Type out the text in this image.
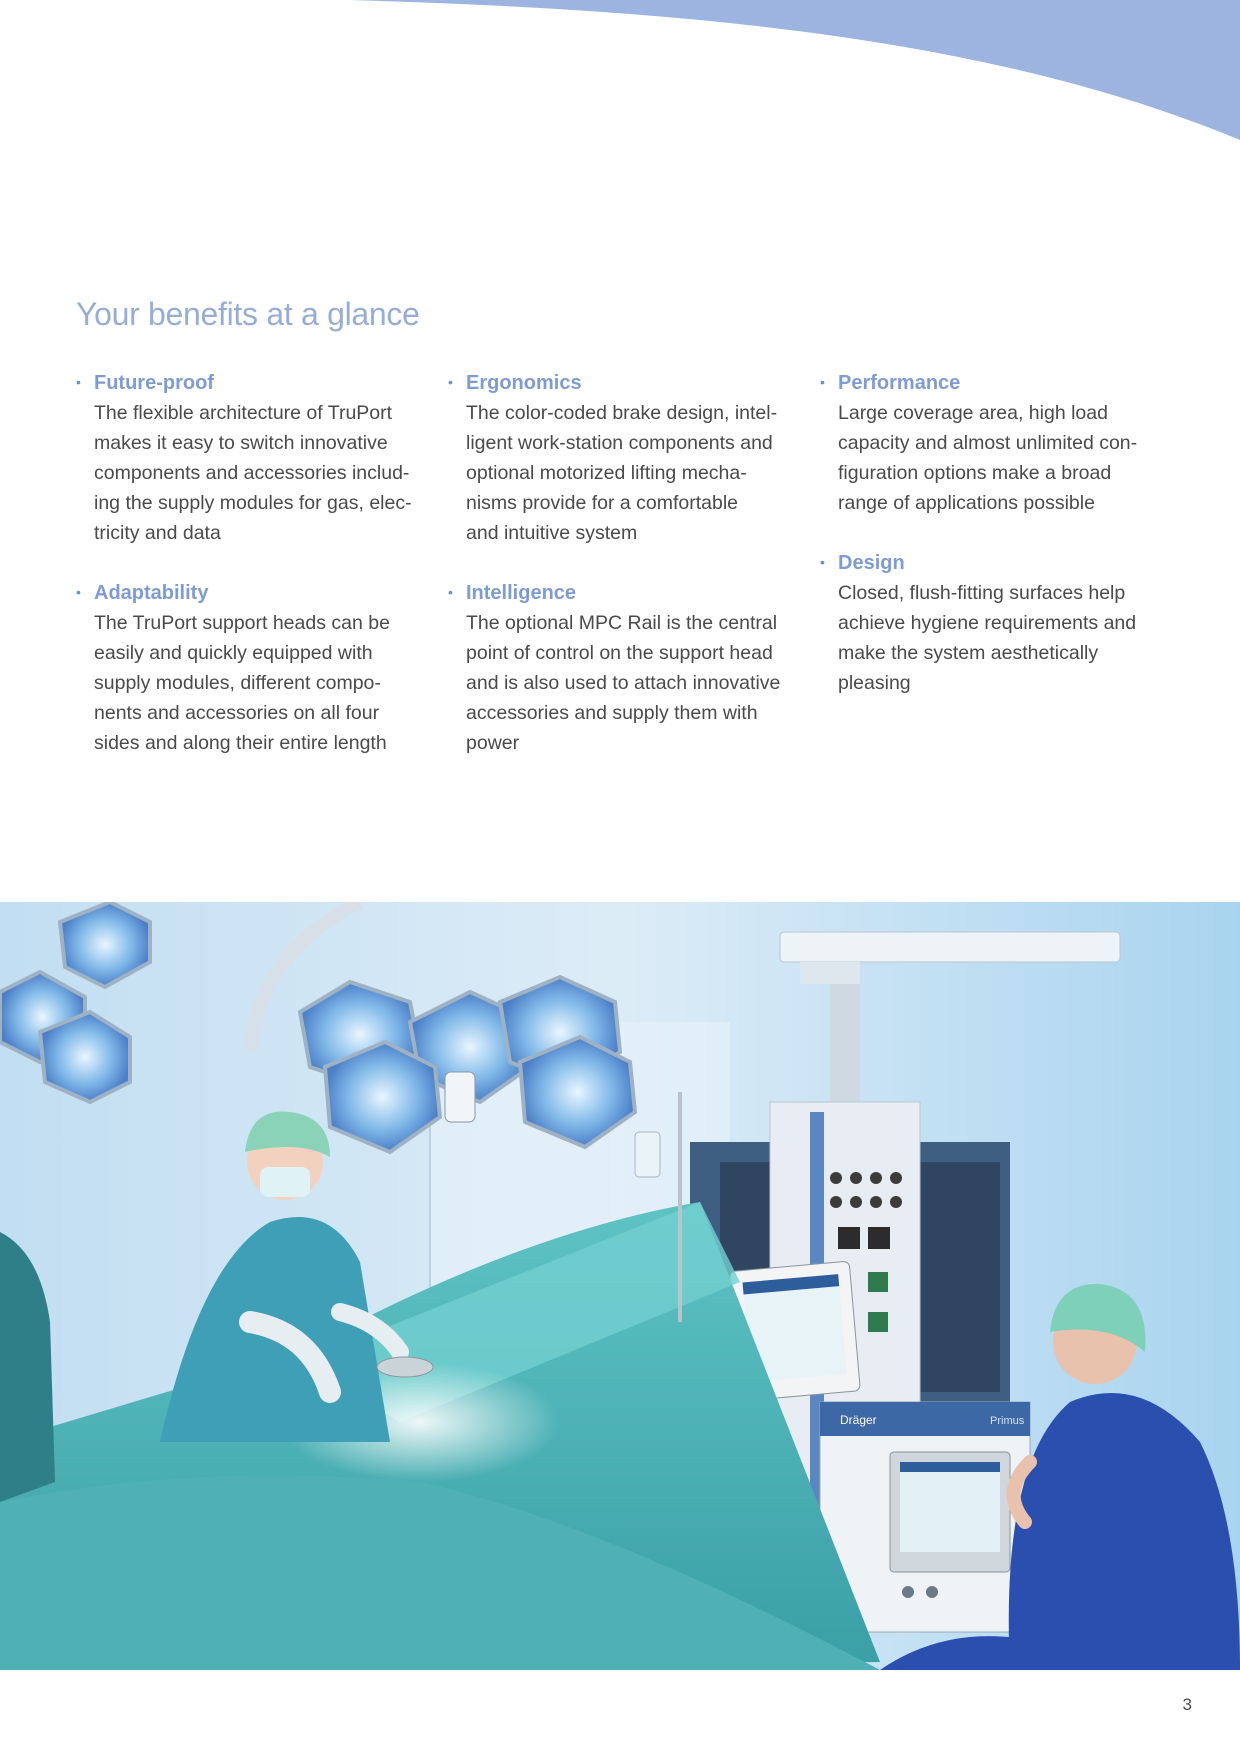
Your benefits at a glance
• Future-proof
The flexible architecture of TruPort
makes it easy to switch innovative
components and accessories includ-
ing the supply modules for gas, elec-
tricity and data
• Adaptability
The TruPort support heads can be
easily and quickly equipped with
supply modules, different compo-
nents and accessories on all four
sides and along their entire length
• Ergonomics
The color-coded brake design, intel-
ligent work-station components and
optional motorized lifting mecha-
nisms provide for a comfortable
and intuitive system
• Intelligence
The optional MPC Rail is the central
point of control on the support head
and is also used to attach innovative
accessories and supply them with
power
• Performance
Large coverage area, high load
capacity and almost unlimited con-
figuration options make a broad
range of applications possible
• Design
Closed, flush-fitting surfaces help
achieve hygiene requirements and
make the system aesthetically
pleasing
Dräger	Primus
3
